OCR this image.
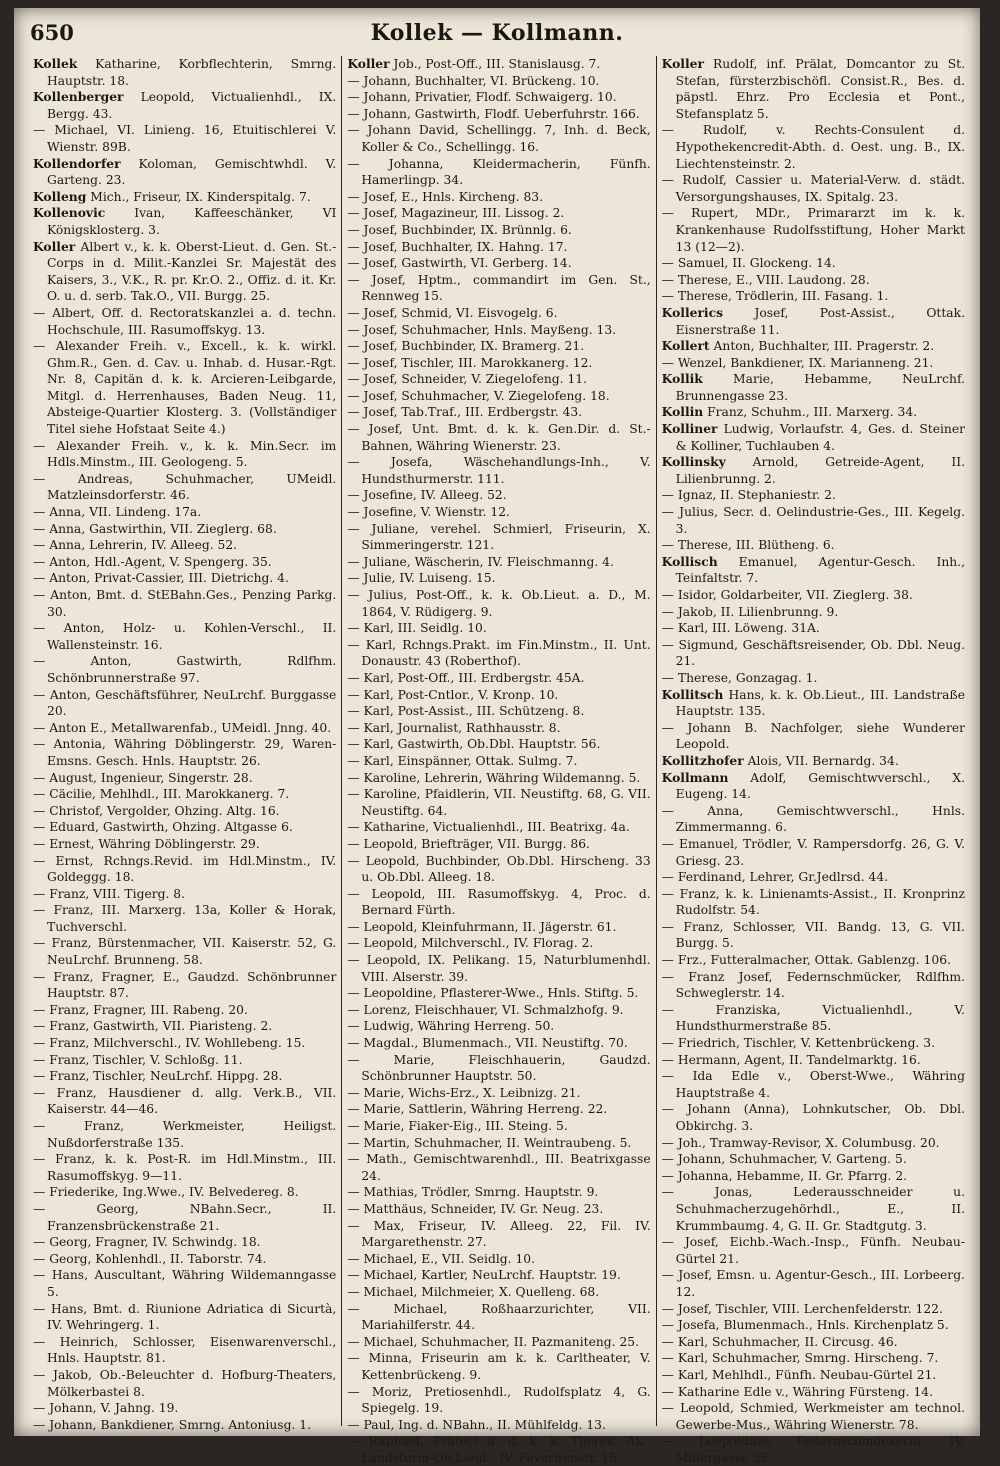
650	Kollek — Kollmann.

Kollek Katharine, Korbflechterin, Smrng. Hauptstr. 18.

Kollenberger Leopold, Victualienhdl., IX. Bergg. 43.

— Michael, VI. Linieng. 16, Etuitischlerei V. Wienstr. 89B.

Kollendorfer Koloman, Gemischtwhdl. V. Garteng. 23.

Kolleng Mich., Friseur, IX. Kinderspitalg. 7.

Kollenovic Ivan, Kaffeeschänker, VI Königsklosterg. 3.

Koller Albert v., k. k. Oberst-Lieut. d. Gen. St.-Corps in d. Milit.-Kanzlei Sr. Majestät des Kaisers, 3., V.K., R. pr. Kr.O. 2., Offiz. d. it. Kr. O. u. d. serb. Tak.O., VII. Burgg. 25.

— Albert, Off. d. Rectoratskanzlei a. d. techn. Hochschule, III. Rasumoffskyg. 13.

— Alexander Freih. v., Excell., k. k. wirkl. Ghm.R., Gen. d. Cav. u. Inhab. d. Husar.-Rgt. Nr. 8, Capitän d. k. k. Arcieren-Leibgarde, Mitgl. d. Herrenhauses, Baden Neug. 11, Absteige-Quartier Klosterg. 3. (Vollständiger Titel siehe Hofstaat Seite 4.)

— Alexander Freih. v., k. k. Min.Secr. im Hdls.Minstm., III. Geologeng. 5.

— Andreas, Schuhmacher, UMeidl. Matzleinsdorferstr. 46.

— Anna, VII. Lindeng. 17a.

— Anna, Gastwirthin, VII. Zieglerg. 68.

— Anna, Lehrerin, IV. Alleeg. 52.

— Anton, Hdl.-Agent, V. Spengerg. 35.

— Anton, Privat-Cassier, III. Dietrichg. 4.

— Anton, Bmt. d. StEBahn.Ges., Penzing Parkg. 30.

— Anton, Holz- u. Kohlen-Verschl., II. Wallensteinstr. 16.

— Anton, Gastwirth, Rdlfhm. Schönbrunnerstraße 97.

— Anton, Geschäftsführer, NeuLrchf. Burggasse 20.

— Anton E., Metallwarenfab., UMeidl. Jnng. 40.

— Antonia, Währing Döblingerstr. 29, Waren-Emsns. Gesch. Hnls. Hauptstr. 26.

— August, Ingenieur, Singerstr. 28.

— Cäcilie, Mehlhdl., III. Marokkanerg. 7.

— Christof, Vergolder, Ohzing. Altg. 16.

— Eduard, Gastwirth, Ohzing. Altgasse 6.

— Ernest, Währing Döblingerstr. 29.

— Ernst, Rchngs.Revid. im Hdl.Minstm., IV. Goldeggg. 18.

— Franz, VIII. Tigerg. 8.

— Franz, III. Marxerg. 13a, Koller & Horak, Tuchverschl.

— Franz, Bürstenmacher, VII. Kaiserstr. 52, G. NeuLrchf. Brunneng. 58.

— Franz, Fragner, E., Gaudzd. Schönbrunner Hauptstr. 87.

— Franz, Fragner, III. Rabeng. 20.

— Franz, Gastwirth, VII. Piaristeng. 2.

— Franz, Milchverschl., IV. Wohllebeng. 15.

— Franz, Tischler, V. Schloßg. 11.

— Franz, Tischler, NeuLrchf. Hippg. 28.

— Franz, Hausdiener d. allg. Verk.B., VII. Kaiserstr. 44—46.

— Franz, Werkmeister, Heiligst. Nußdorferstraße 135.

— Franz, k. k. Post-R. im Hdl.Minstm., III. Rasumoffskyg. 9—11.

— Friederike, Ing.Wwe., IV. Belvedereg. 8.

— Georg, NBahn.Secr., II. Franzensbrückenstraße 21.

— Georg, Fragner, IV. Schwindg. 18.

— Georg, Kohlenhdl., II. Taborstr. 74.

— Hans, Auscultant, Währing Wildemanngasse 5.

— Hans, Bmt. d. Riunione Adriatica di Sicurtà, IV. Wehringerg. 1.

— Heinrich, Schlosser, Eisenwarenverschl., Hnls. Hauptstr. 81.

— Jakob, Ob.-Beleuchter d. Hofburg-Theaters, Mölkerbastei 8.

— Johann, V. Jahng. 19.

— Johann, Bankdiener, Smrng. Antoniusg. 1.

Koller Job., Post-Off., III. Stanislausg. 7.

— Johann, Buchhalter, VI. Brückeng. 10.

— Johann, Privatier, Flodf. Schwaigerg. 10.

— Johann, Gastwirth, Flodf. Ueberfuhrstr. 166.

— Johann David, Schellingg. 7, Inh. d. Beck, Koller & Co., Schellingg. 16.

— Johanna, Kleidermacherin, Fünfh. Hamerlingp. 34.

— Josef, E., Hnls. Kircheng. 83.

— Josef, Magazineur, III. Lissog. 2.

— Josef, Buchbinder, IX. Brünnlg. 6.

— Josef, Buchhalter, IX. Hahng. 17.

— Josef, Gastwirth, VI. Gerberg. 14.

— Josef, Hptm., commandirt im Gen. St., Rennweg 15.

— Josef, Schmid, VI. Eisvogelg. 6.

— Josef, Schuhmacher, Hnls. Mayßeng. 13.

— Josef, Buchbinder, IX. Bramerg. 21.

— Josef, Tischler, III. Marokkanerg. 12.

— Josef, Schneider, V. Ziegelofeng. 11.

— Josef, Schuhmacher, V. Ziegelofeng. 18.

— Josef, Tab.Traf., III. Erdbergstr. 43.

— Josef, Unt. Bmt. d. k. k. Gen.Dir. d. St.-Bahnen, Währing Wienerstr. 23.

— Josefa, Wäschehandlungs-Inh., V. Hundsthurmerstr. 111.

— Josefine, IV. Alleeg. 52.

— Josefine, V. Wienstr. 12.

— Juliane, verehel. Schmierl, Friseurin, X. Simmeringerstr. 121.

— Juliane, Wäscherin, IV. Fleischmanng. 4.

— Julie, IV. Luiseng. 15.

— Julius, Post-Off., k. k. Ob.Lieut. a. D., M. 1864, V. Rüdigerg. 9.

— Karl, III. Seidlg. 10.

— Karl, Rchngs.Prakt. im Fin.Minstm., II. Unt. Donaustr. 43 (Roberthof).

— Karl, Post-Off., III. Erdbergstr. 45A.

— Karl, Post-Cntlor., V. Kronp. 10.

— Karl, Post-Assist., III. Schützeng. 8.

— Karl, Journalist, Rathhausstr. 8.

— Karl, Gastwirth, Ob.Dbl. Hauptstr. 56.

— Karl, Einspänner, Ottak. Sulmg. 7.

— Karoline, Lehrerin, Währing Wildemanng. 5.

— Karoline, Pfaidlerin, VII. Neustiftg. 68, G. VII. Neustiftg. 64.

— Katharine, Victualienhdl., III. Beatrixg. 4a.

— Leopold, Briefträger, VII. Burgg. 86.

— Leopold, Buchbinder, Ob.Dbl. Hirscheng. 33 u. Ob.Dbl. Alleeg. 18.

— Leopold, III. Rasumoffskyg. 4, Proc. d. Bernard Fürth.

— Leopold, Kleinfuhrmann, II. Jägerstr. 61.

— Leopold, Milchverschl., IV. Florag. 2.

— Leopold, IX. Pelikang. 15, Naturblumenhdl. VIII. Alserstr. 39.

— Leopoldine, Pflasterer-Wwe., Hnls. Stiftg. 5.

— Lorenz, Fleischhauer, VI. Schmalzhofg. 9.

— Ludwig, Währing Herreng. 50.

— Magdal., Blumenmach., VII. Neustiftg. 70.

— Marie, Fleischhauerin, Gaudzd. Schönbrunner Hauptstr. 50.

— Marie, Wichs-Erz., X. Leibnizg. 21.

— Marie, Sattlerin, Währing Herreng. 22.

— Marie, Fiaker-Eig., III. Steing. 5.

— Martin, Schuhmacher, II. Weintraubeng. 5.

— Math., Gemischtwarenhdl., III. Beatrixgasse 24.

— Mathias, Trödler, Smrng. Hauptstr. 9.

— Matthäus, Schneider, IV. Gr. Neug. 23.

— Max, Friseur, IV. Alleeg. 22, Fil. IV. Margarethenstr. 27.

— Michael, E., VII. Seidlg. 10.

— Michael, Kartler, NeuLrchf. Hauptstr. 19.

— Michael, Milchmeier, X. Quelleng. 68.

— Michael, Roßhaarzurichter, VII. Mariahilferstr. 44.

— Michael, Schuhmacher, II. Pazmaniteng. 25.

— Minna, Friseurin am k. k. Carltheater, V. Kettenbrückeng. 9.

— Moriz, Pretiosenhdl., Rudolfsplatz 4, G. Spiegelg. 19.

— Paul, Ing. d. NBahn., II. Mühlfeldg. 13.

— Raphael, Präfect a. d. k. k. Theres. Ak., Landsturm-Ob.Lieut., IV. Favoritenstr. 15.

Koller Rudolf, inf. Prälat, Domcantor zu St. Stefan, fürsterzbischöfl. Consist.R., Bes. d. päpstl. Ehrz. Pro Ecclesia et Pont., Stefansplatz 5.

— Rudolf, v. Rechts-Consulent d. Hypothekencredit-Abth. d. Oest. ung. B., IX. Liechtensteinstr. 2.

— Rudolf, Cassier u. Material-Verw. d. städt. Versorgungshauses, IX. Spitalg. 23.

— Rupert, MDr., Primararzt im k. k. Krankenhause Rudolfsstiftung, Hoher Markt 13 (12—2).

— Samuel, II. Glockeng. 14.

— Therese, E., VIII. Laudong. 28.

— Therese, Trödlerin, III. Fasang. 1.

Kollerics Josef, Post-Assist., Ottak. Eisnerstraße 11.

Kollert Anton, Buchhalter, III. Pragerstr. 2.

— Wenzel, Bankdiener, IX. Marianneng. 21.

Kollik Marie, Hebamme, NeuLrchf. Brunnengasse 23.

Kollin Franz, Schuhm., III. Marxerg. 34.

Kolliner Ludwig, Vorlaufstr. 4, Ges. d. Steiner & Kolliner, Tuchlauben 4.

Kollinsky Arnold, Getreide-Agent, II. Lilienbrunng. 2.

— Ignaz, II. Stephaniestr. 2.

— Julius, Secr. d. Oelindustrie-Ges., III. Kegelg. 3.

— Therese, III. Blütheng. 6.

Kollisch Emanuel, Agentur-Gesch. Inh., Teinfaltstr. 7.

— Isidor, Goldarbeiter, VII. Zieglerg. 38.

— Jakob, II. Lilienbrunng. 9.

— Karl, III. Löweng. 31A.

— Sigmund, Geschäftsreisender, Ob. Dbl. Neug. 21.

— Therese, Gonzagag. 1.

Kollitsch Hans, k. k. Ob.Lieut., III. Landstraße Hauptstr. 135.

— Johann B. Nachfolger, siehe Wunderer Leopold.

Kollitzhofer Alois, VII. Bernardg. 34.

Kollmann Adolf, Gemischtwverschl., X. Eugeng. 14.

— Anna, Gemischtwverschl., Hnls. Zimmermanng. 6.

— Emanuel, Trödler, V. Rampersdorfg. 26, G. V. Griesg. 23.

— Ferdinand, Lehrer, Gr.Jedlrsd. 44.

— Franz, k. k. Linienamts-Assist., II. Kronprinz Rudolfstr. 54.

— Franz, Schlosser, VII. Bandg. 13, G. VII. Burgg. 5.

— Frz., Futteralmacher, Ottak. Gablenzg. 106.

— Franz Josef, Federnschmücker, Rdlfhm. Schweglerstr. 14.

— Franziska, Victualienhdl., V. Hundsthurmerstraße 85.

— Friedrich, Tischler, V. Kettenbrückeng. 3.

— Hermann, Agent, II. Tandelmarktg. 16.

— Ida Edle v., Oberst-Wwe., Währing Hauptstraße 4.

— Johann (Anna), Lohnkutscher, Ob. Dbl. Obkirchg. 3.

— Joh., Tramway-Revisor, X. Columbusg. 20.

— Johann, Schuhmacher, V. Garteng. 5.

— Johanna, Hebamme, II. Gr. Pfarrg. 2.

— Jonas, Lederausschneider u. Schuhmacherzugehörhdl., E., II. Krummbaumg. 4, G. II. Gr. Stadtgutg. 3.

— Josef, Eichb.-Wach.-Insp., Fünfh. Neubau-Gürtel 21.

— Josef, Emsn. u. Agentur-Gesch., III. Lorbeerg. 12.

— Josef, Tischler, VIII. Lerchenfelderstr. 122.

— Josefa, Blumenmach., Hnls. Kirchenplatz 5.

— Karl, Schuhmacher, II. Circusg. 46.

— Karl, Schuhmacher, Smrng. Hirscheng. 7.

— Karl, Mehlhdl., Fünfh. Neubau-Gürtel 21.

— Katharine Edle v., Währing Fürsteng. 14.

— Leopold, Schmied, Werkmeister am technol. Gewerbe-Mus., Währing Wienerstr. 78.

— Leopoldine, Federnschmückerin, IV. Millergasse 35.
